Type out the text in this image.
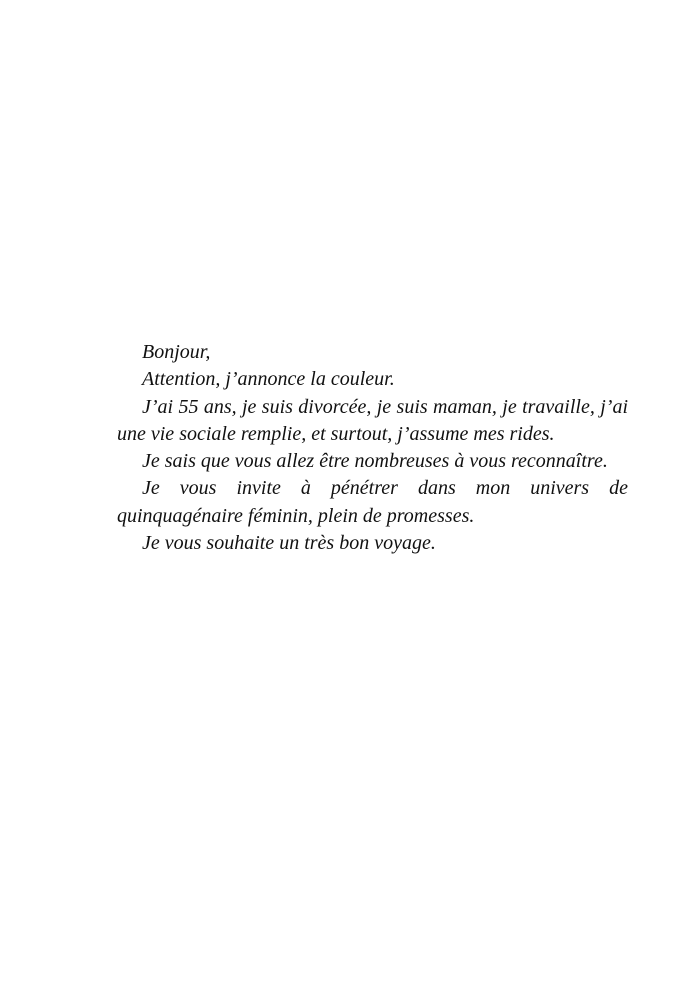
Bonjour,

Attention, j’annonce la couleur.

J’ai 55 ans, je suis divorcée, je suis maman, je travaille, j’ai une vie sociale remplie, et surtout, j’assume mes rides.

Je sais que vous allez être nombreuses à vous reconnaître.

Je vous invite à pénétrer dans mon univers de quinquagénaire féminin, plein de promesses.

Je vous souhaite un très bon voyage.
